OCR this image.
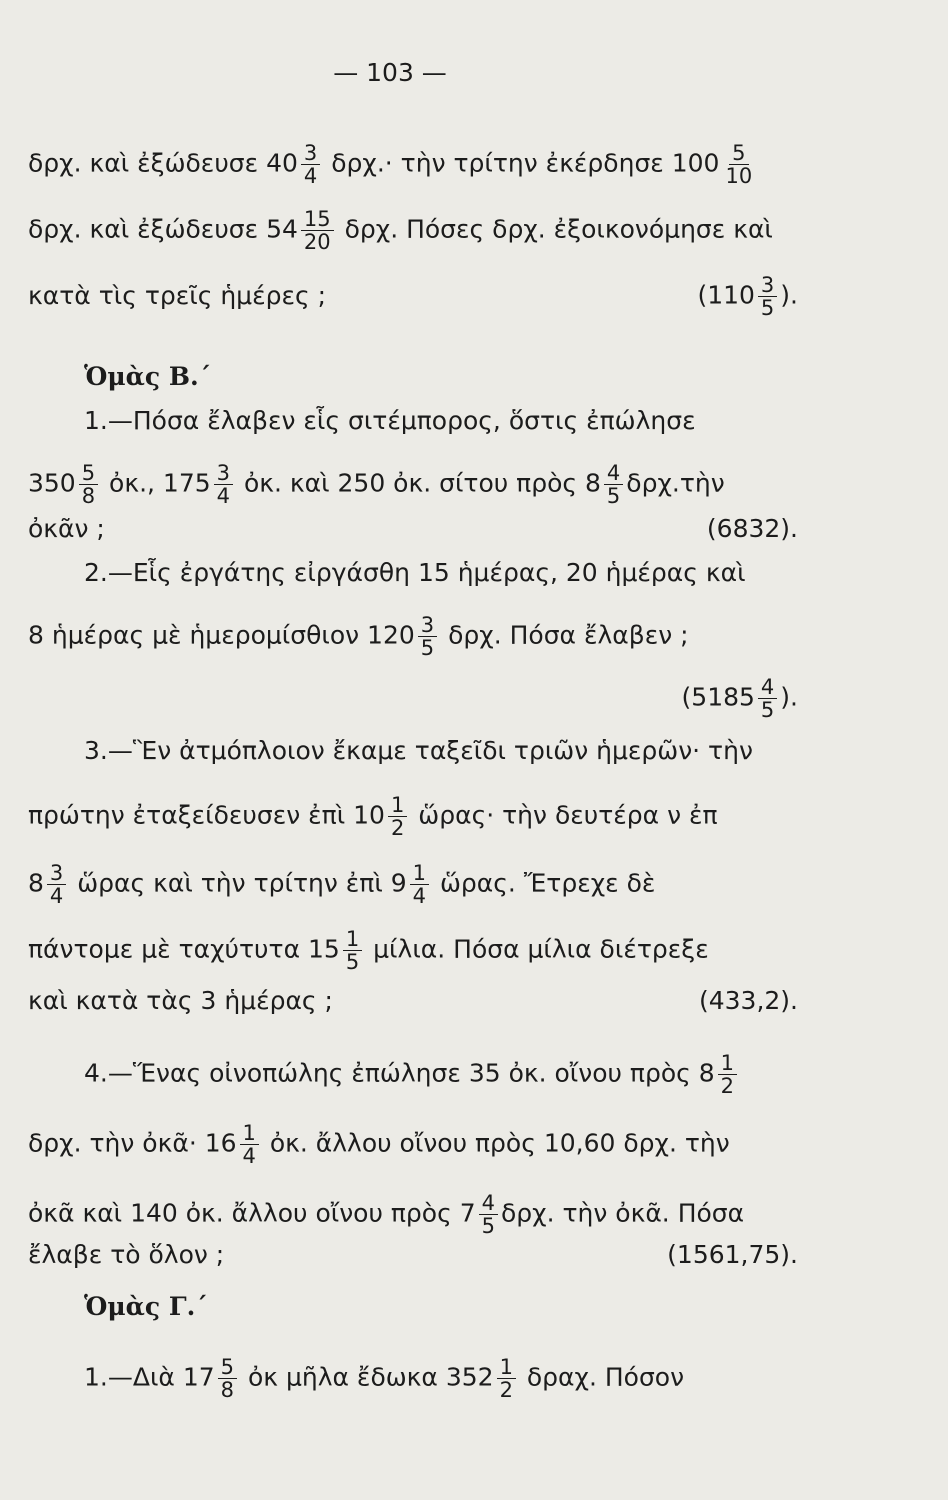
— 103 —
δρχ. καὶ ἐξώδευσε $40 \frac{3}{4} \delta\rho\chi.\cdot$ τὴν τρίτην ἐκέρδησε $100 \frac{5}{10}$
δρχ. καὶ ἐξώδευσε $54 \frac{15}{20} \delta\rho\chi$. Πόσες δρχ. ἐξοικονόμησε καὶ
κατὰ τὶς τρεῖς ἡμέρες ;	($110 \frac{3}{5}$ ).
Ὁμὰς Β.΄
1.—Πόσα ἔλαβεν εἷς σιτέμπορος, ὅστις ἐπώλησε
$350 \frac{5}{8}$ ὀκ., $175 \frac{3}{4}$ ὀκ. καὶ 250 ὀκ. σίτου πρὸς $8 \frac{4}{5}$ δρχ.τὴν
ὀκᾶν ;	(6832).
2.—Εἷς ἐργάτης εἰργάσθη 15 ἡμέρας, 20 ἡμέρας καὶ
8 ἡμέρας μὲ ἡμερομίσθιον $120 \frac{3}{5} \delta\rho\chi$. Πόσα ἔλαβεν ;
($5185 \frac{4}{5}$ ).
3.—Ἓν ἀτμόπλοιον ἔκαμε ταξεῖδι τριῶν ἡμερῶν· τὴν
πρώτην ἐταξείδευσεν ἐπὶ $10 \frac{1}{2}$ ὥρας· τὴν δευτέρα ν ἐπ
$8 \frac{3}{4}$ ὥρας καὶ τὴν τρίτην ἐπὶ $9 \frac{1}{4}$ ὥρας. Ἔτρεχε δὲ
πάντομε μὲ ταχύτυτα $15 \frac{1}{5} \mu ί\lambda\iota\alpha$. Πόσα μίλια διέτρεξε
καὶ κατὰ τὰς 3 ἡμέρας ;	(433,2).
4.—Ἕνας οἰνοπώλης ἐπώλησε 35 ὀκ. οἴνου πρὸς $8 \frac{1}{2}$
δρχ. τὴν ὀκᾶ· $16 \frac{1}{4}$ ὀκ. ἄλλου οἴνου πρὸς 10,60 δρχ. τὴν
ὀκᾶ καὶ 140 ὀκ. ἄλλου οἴνου πρὸς $7 \frac{4}{5} \delta\rho\chi$. τὴν ὀκᾶ. Πόσα
ἔλαβε τὸ ὅλον ;	(1561,75).
Ὁμὰς Γ.΄
1.—Διὰ $17 \frac{5}{8}$ ὀκ μῆλα ἔδωκα $352 \frac{1}{2} \delta\rho\alpha\chi$. Πόσον
